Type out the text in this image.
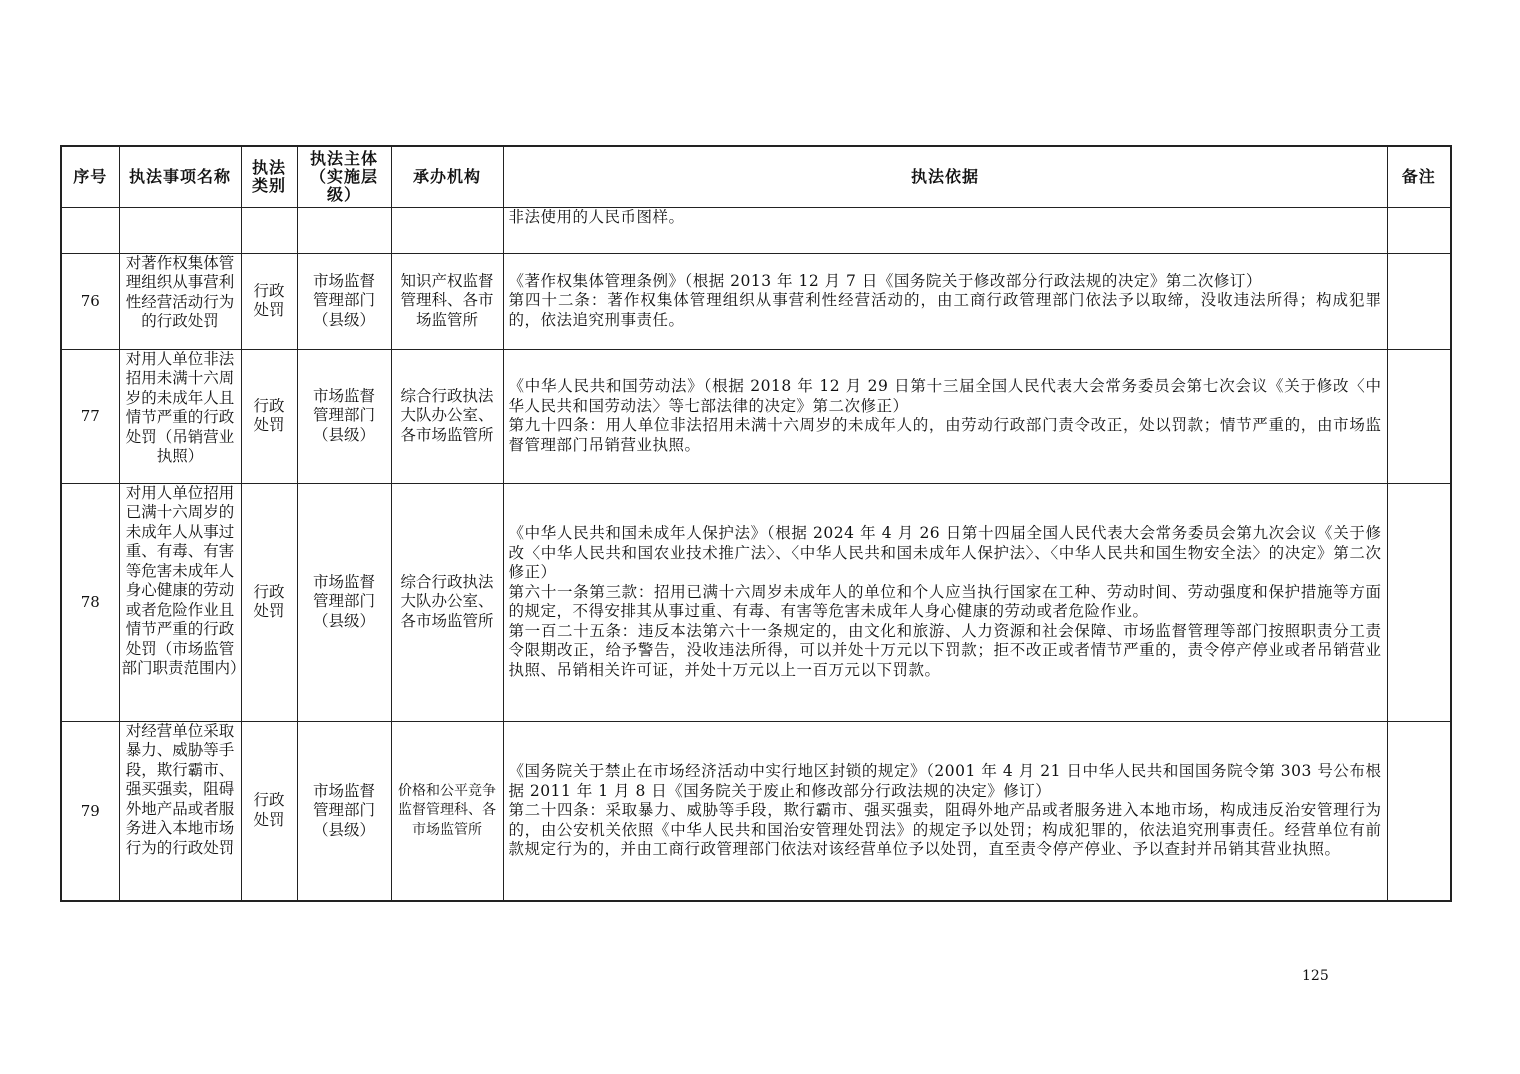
序号	执法事项名称	执法类别	执法主体（实施层级）	承办机构	执法依据	备注
					非法使用的人民币图样。	
76	对著作权集体管理组织从事营利性经营活动行为的行政处罚	行政处罚	市场监督管理部门（县级）	知识产权监督管理科、各市场监管所	《著作权集体管理条例》（根据 2013 年 12 月 7 日《国务院关于修改部分行政法规的决定》第二次修订）

第四十二条：著作权集体管理组织从事营利性经营活动的，由工商行政管理部门依法予以取缔，没收违法所得；构成犯罪的，依法追究刑事责任。	

77	对用人单位非法招用未满十六周岁的未成年人且情节严重的行政处罚（吊销营业执照）	行政处罚	市场监督管理部门（县级）	综合行政执法大队办公室、各市场监管所	《中华人民共和国劳动法》（根据 2018 年 12 月 29 日第十三届全国人民代表大会常务委员会第七次会议《关于修改〈中华人民共和国劳动法〉等七部法律的决定》第二次修正）

第九十四条：用人单位非法招用未满十六周岁的未成年人的，由劳动行政部门责令改正，处以罚款；情节严重的，由市场监督管理部门吊销营业执照。	

78	对用人单位招用已满十六周岁的未成年人从事过重、有毒、有害等危害未成年人身心健康的劳动或者危险作业且情节严重的行政处罚（市场监管部门职责范围内）	行政处罚	市场监督管理部门（县级）	综合行政执法大队办公室、各市场监管所	《中华人民共和国未成年人保护法》（根据 2024 年 4 月 26 日第十四届全国人民代表大会常务委员会第九次会议《关于修改〈中华人民共和国农业技术推广法〉、〈中华人民共和国未成年人保护法〉、〈中华人民共和国生物安全法〉的决定》第二次修正）

第六十一条第三款：招用已满十六周岁未成年人的单位和个人应当执行国家在工种、劳动时间、劳动强度和保护措施等方面的规定，不得安排其从事过重、有毒、有害等危害未成年人身心健康的劳动或者危险作业。

第一百二十五条：违反本法第六十一条规定的，由文化和旅游、人力资源和社会保障、市场监督管理等部门按照职责分工责令限期改正，给予警告，没收违法所得，可以并处十万元以下罚款；拒不改正或者情节严重的，责令停产停业或者吊销营业执照、吊销相关许可证，并处十万元以上一百万元以下罚款。	

79	对经营单位采取暴力、威胁等手段，欺行霸市、强买强卖，阻碍外地产品或者服务进入本地市场行为的行政处罚	行政处罚	市场监督管理部门（县级）	价格和公平竞争监督管理科、各市场监管所	《国务院关于禁止在市场经济活动中实行地区封锁的规定》（2001 年 4 月 21 日中华人民共和国国务院令第 303 号公布根据 2011 年 1 月 8 日《国务院关于废止和修改部分行政法规的决定》修订）

第二十四条：采取暴力、威胁等手段，欺行霸市、强买强卖，阻碍外地产品或者服务进入本地市场，构成违反治安管理行为的，由公安机关依照《中华人民共和国治安管理处罚法》的规定予以处罚；构成犯罪的，依法追究刑事责任。经营单位有前款规定行为的，并由工商行政管理部门依法对该经营单位予以处罚，直至责令停产停业、予以查封并吊销其营业执照。	

125
